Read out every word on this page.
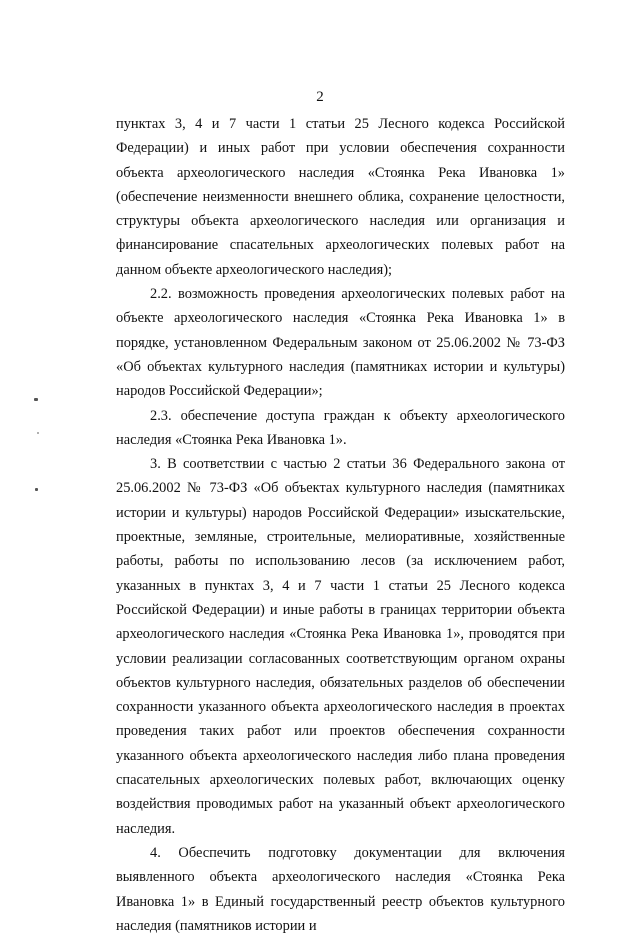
2

пунктах 3, 4 и 7 части 1 статьи 25 Лесного кодекса Российской Федерации) и иных работ при условии обеспечения сохранности объекта археологического наследия «Стоянка Река Ивановка 1» (обеспечение неизменности внешнего облика, сохранение целостности, структуры объекта археологического наследия или организация и финансирование спасательных археологических полевых работ на данном объекте археологического наследия);

2.2. возможность проведения археологических полевых работ на объекте археологического наследия «Стоянка Река Ивановка 1» в порядке, установленном Федеральным законом от 25.06.2002 № 73-ФЗ «Об объектах культурного наследия (памятниках истории и культуры) народов Российской Федерации»;

2.3. обеспечение доступа граждан к объекту археологического наследия «Стоянка Река Ивановка 1».

3. В соответствии с частью 2 статьи 36 Федерального закона от 25.06.2002 № 73-ФЗ «Об объектах культурного наследия (памятниках истории и культуры) народов Российской Федерации» изыскательские, проектные, земляные, строительные, мелиоративные, хозяйственные работы, работы по использованию лесов (за исключением работ, указанных в пунктах 3, 4 и 7 части 1 статьи 25 Лесного кодекса Российской Федерации) и иные работы в границах территории объекта археологического наследия «Стоянка Река Ивановка 1», проводятся при условии реализации согласованных соответствующим органом охраны объектов культурного наследия, обязательных разделов об обеспечении сохранности указанного объекта археологического наследия в проектах проведения таких работ или проектов обеспечения сохранности указанного объекта археологического наследия либо плана проведения спасательных археологических полевых работ, включающих оценку воздействия проводимых работ на указанный объект археологического наследия.

4. Обеспечить подготовку документации для включения выявленного объекта археологического наследия «Стоянка Река Ивановка 1» в Единый государственный реестр объектов культурного наследия (памятников истории и
